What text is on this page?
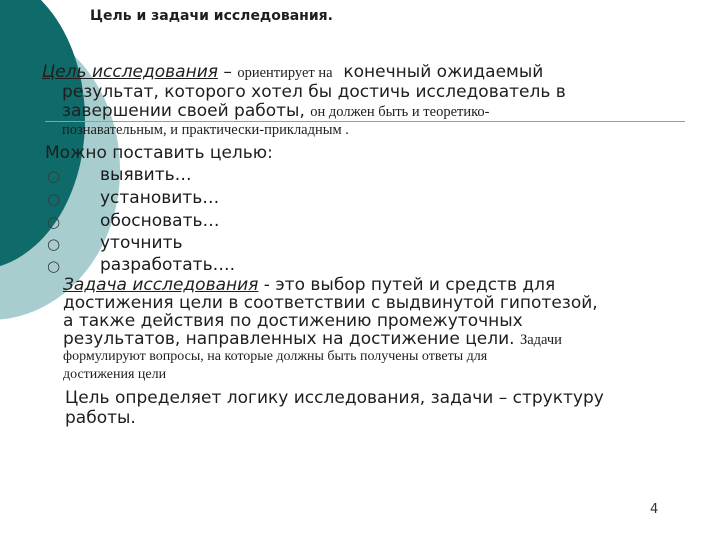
Цель и задачи исследования.
Цель исследования – ориентирует на конечный ожидаемый
результат, которого хотел бы достичь исследователь в
завершении своей работы, он должен быть и теоретико-
познавательным, и практически-прикладным .
Можно поставить целью:
○ выявить…
○ установить…
○ обосновать…
○ уточнить
○ разработать….
Задача исследования - это выбор путей и средств для
достижения цели в соответствии с выдвинутой гипотезой,
а также действия по достижению промежуточных
результатов, направленных на достижение цели. Задачи
формулируют вопросы, на которые должны быть получены ответы для
достижения цели
Цель определяет логику исследования, задачи – структуру
работы.
4
